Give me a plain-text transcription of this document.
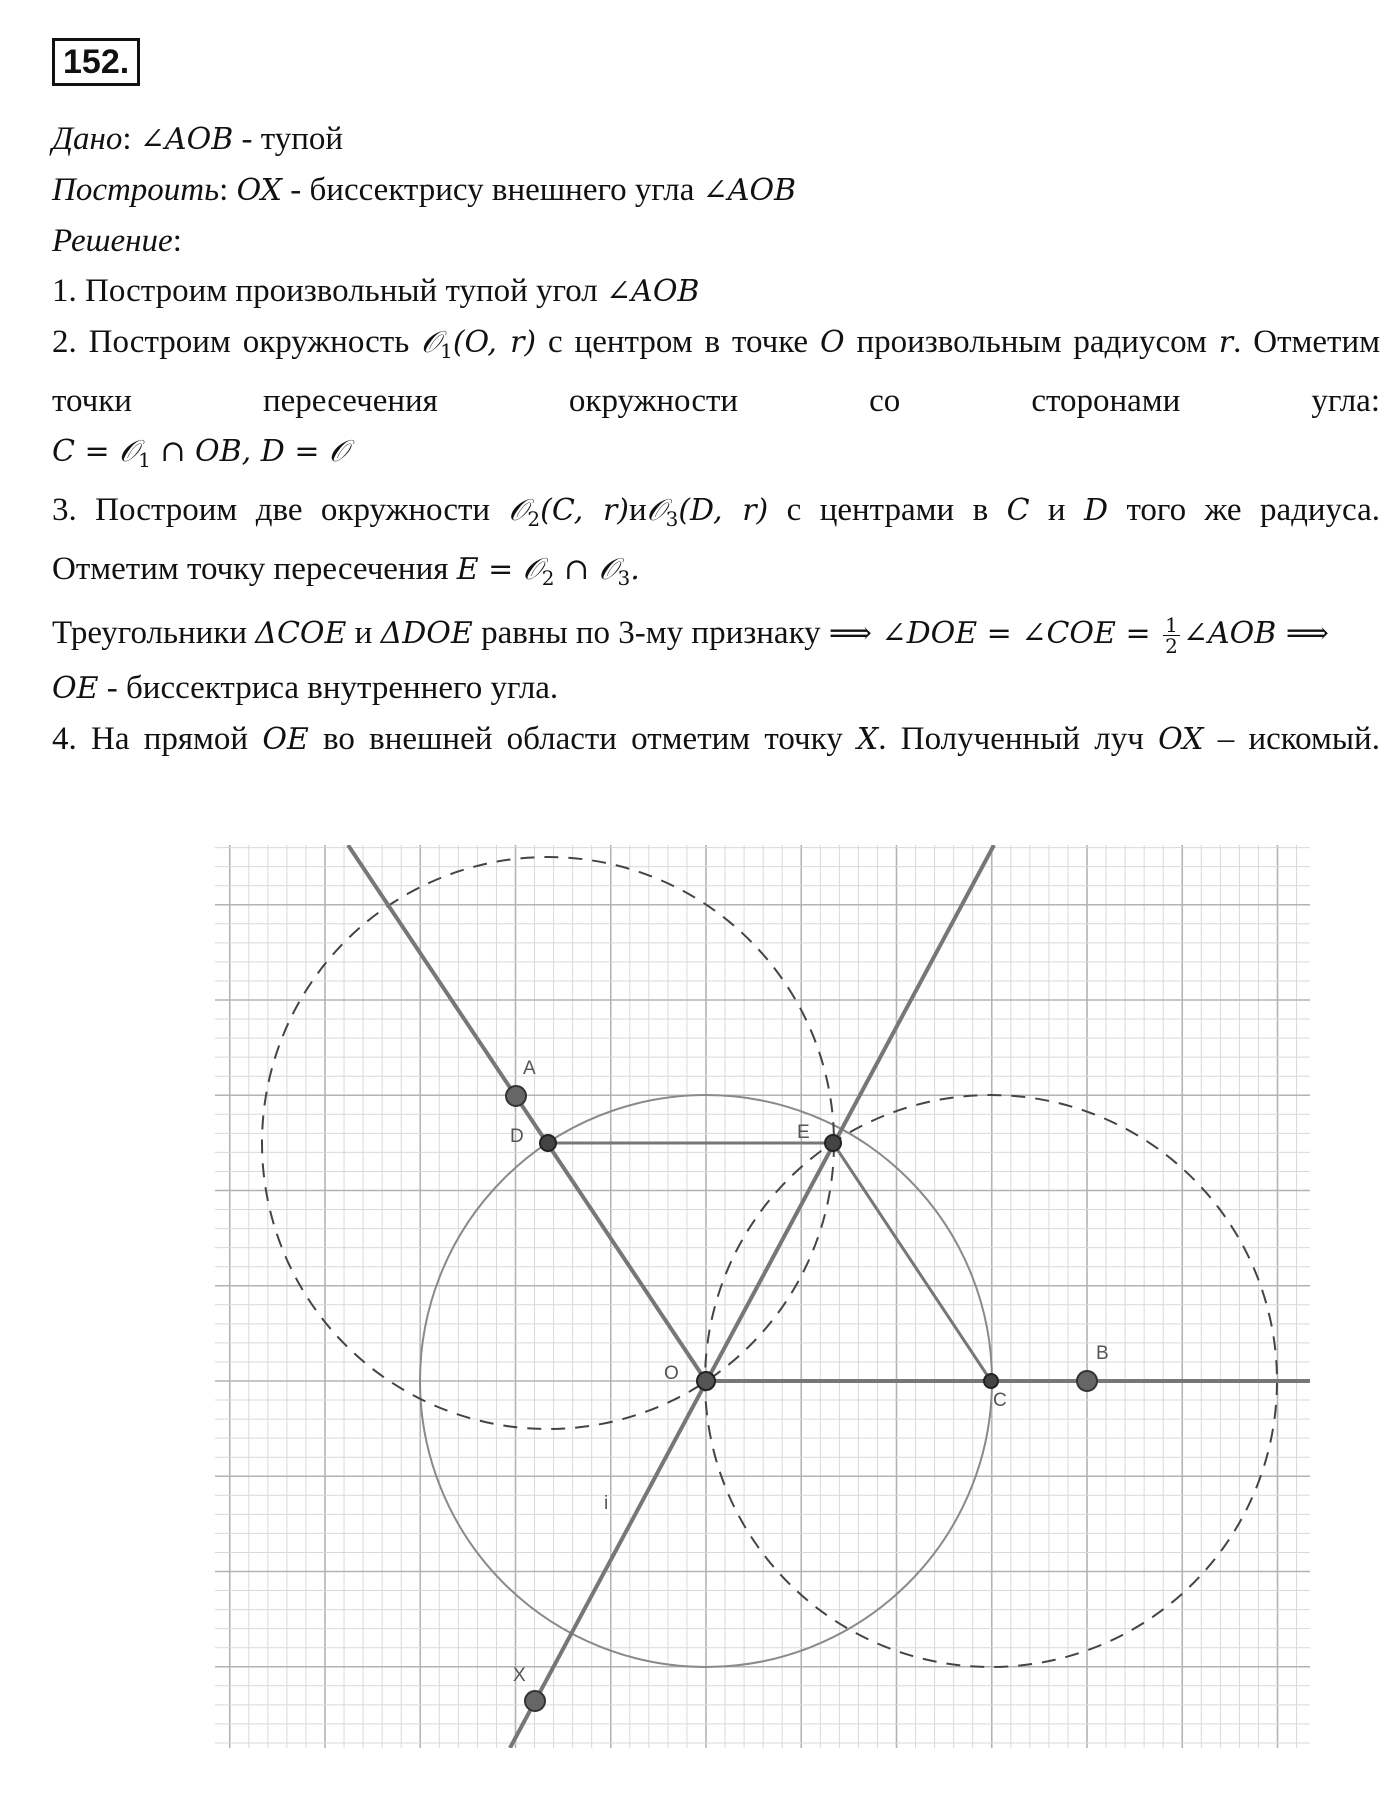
152.
Дано: ∠AOB - тупой
Построить: OX - биссектрису внешнего угла ∠AOB
Решение:
1. Построим произвольный тупой угол ∠AOB
2. Построим окружность 𝒪$_1$(O, r) с центром в точке O произвольным радиусом r. Отметим точки пересечения окружности со сторонами угла:
C = 𝒪$_1$ ∩ OB, D = 𝒪
3. Построим две окружности 𝒪$_2$(C, r)и𝒪$_3$(D, r) с центрами в C и D того же радиуса.
Отметим точку пересечения E = 𝒪$_2$ ∩ 𝒪$_3$.
Треугольники ΔCOE и ΔDOE равны по 3-му признаку ⟹ ∠DOE = ∠COE = $\frac{1}{2}$ ∠AOB ⟹
OE - биссектриса внутреннего угла.
4. На прямой OE во внешней области отметим точку X. Полученный луч OX – искомый.
A
D	E
O
C
B
X
i
